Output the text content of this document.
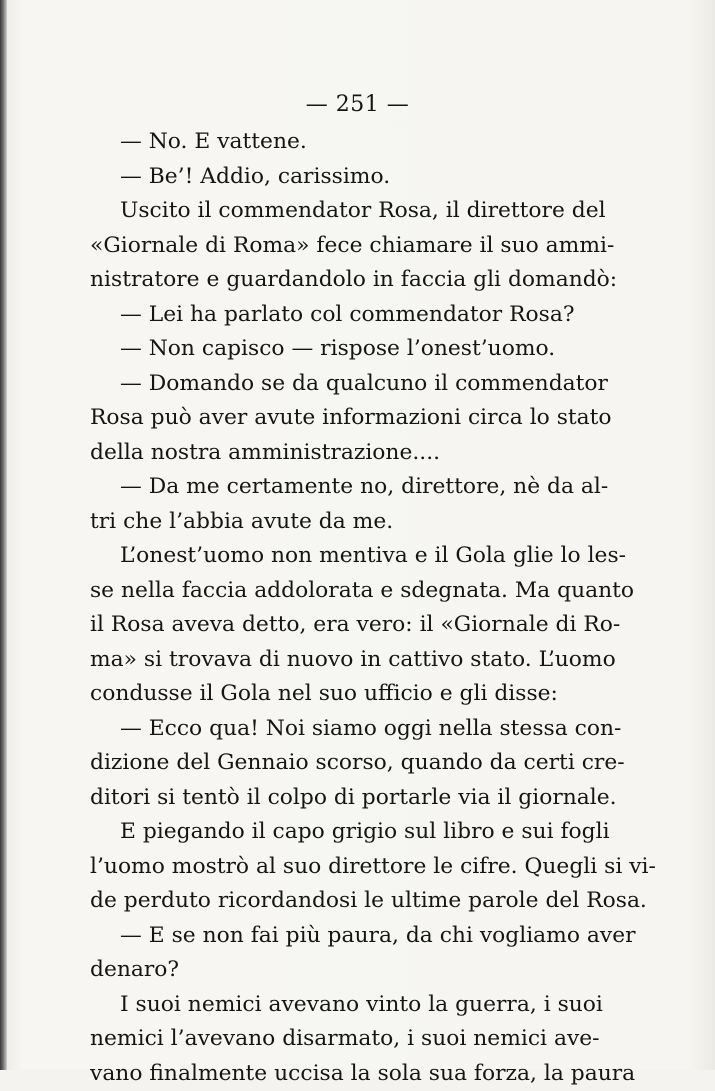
— 251 —
— No. E vattene.
— Be’! Addio, carissimo.
Uscito il commendator Rosa, il direttore del
«Giornale di Roma» fece chiamare il suo ammi-
nistratore e guardandolo in faccia gli domandò:
— Lei ha parlato col commendator Rosa?
— Non capisco — rispose l’onest’uomo.
— Domando se da qualcuno il commendator
Rosa può aver avute informazioni circa lo stato
della nostra amministrazione....
— Da me certamente no, direttore, nè da al-
tri che l’abbia avute da me.
L’onest’uomo non mentiva e il Gola glie lo les-
se nella faccia addolorata e sdegnata. Ma quanto
il Rosa aveva detto, era vero: il «Giornale di Ro-
ma» si trovava di nuovo in cattivo stato. L’uomo
condusse il Gola nel suo ufficio e gli disse:
— Ecco qua! Noi siamo oggi nella stessa con-
dizione del Gennaio scorso, quando da certi cre-
ditori si tentò il colpo di portarle via il giornale.
E piegando il capo grigio sul libro e sui fogli
l’uomo mostrò al suo direttore le cifre. Quegli si vi-
de perduto ricordandosi le ultime parole del Rosa.
— E se non fai più paura, da chi vogliamo aver
denaro?
I suoi nemici avevano vinto la guerra, i suoi
nemici l’avevano disarmato, i suoi nemici ave-
vano finalmente uccisa la sola sua forza, la paura
